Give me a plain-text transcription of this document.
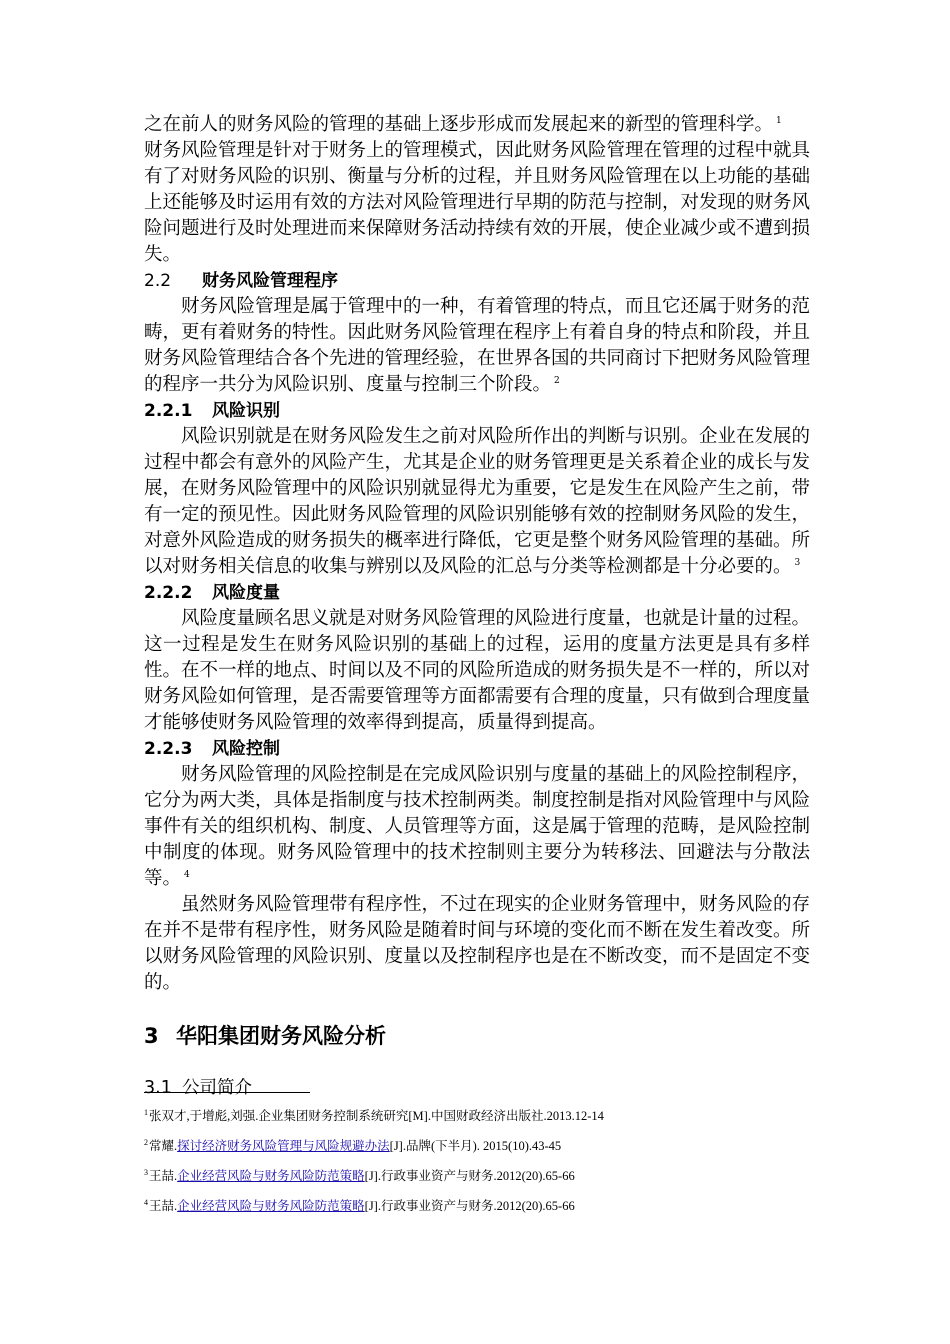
之在前人的财务风险的管理的基础上逐步形成而发展起来的新型的管理科学。 $^1$

财务风险管理是针对于财务上的管理模式，因此财务风险管理在管理的过程中就具有了对财务风险的识别、衡量与分析的过程，并且财务风险管理在以上功能的基础上还能够及时运用有效的方法对风险管理进行早期的防范与控制，对发现的财务风险问题进行及时处理进而来保障财务活动持续有效的开展，使企业减少或不遭到损失。

2.2 财务风险管理程序

财务风险管理是属于管理中的一种，有着管理的特点，而且它还属于财务的范畴，更有着财务的特性。因此财务风险管理在程序上有着自身的特点和阶段，并且财务风险管理结合各个先进的管理经验，在世界各国的共同商讨下把财务风险管理的程序一共分为风险识别、度量与控制三个阶段。 $^2$

2.2.1 风险识别

风险识别就是在财务风险发生之前对风险所作出的判断与识别。企业在发展的过程中都会有意外的风险产生，尤其是企业的财务管理更是关系着企业的成长与发展，在财务风险管理中的风险识别就显得尤为重要，它是发生在风险产生之前，带有一定的预见性。因此财务风险管理的风险识别能够有效的控制财务风险的发生，对意外风险造成的财务损失的概率进行降低，它更是整个财务风险管理的基础。所以对财务相关信息的收集与辨别以及风险的汇总与分类等检测都是十分必要的。 $^3$

2.2.2 风险度量

风险度量顾名思义就是对财务风险管理的风险进行度量，也就是计量的过程。这一过程是发生在财务风险识别的基础上的过程，运用的度量方法更是具有多样性。在不一样的地点、时间以及不同的风险所造成的财务损失是不一样的，所以对财务风险如何管理，是否需要管理等方面都需要有合理的度量，只有做到合理度量才能够使财务风险管理的效率得到提高，质量得到提高。

2.2.3 风险控制

财务风险管理的风险控制是在完成风险识别与度量的基础上的风险控制程序，它分为两大类，具体是指制度与技术控制两类。制度控制是指对风险管理中与风险事件有关的组织机构、制度、人员管理等方面，这是属于管理的范畴，是风险控制中制度的体现。财务风险管理中的技术控制则主要分为转移法、回避法与分散法等。 $^4$

虽然财务风险管理带有程序性，不过在现实的企业财务管理中，财务风险的存在并不是带有程序性，财务风险是随着时间与环境的变化而不断在发生着改变。所以财务风险管理的风险识别、度量以及控制程序也是在不断改变，而不是固定不变的。

3 华阳集团财务风险分析
3.1 公司简介
$^1$张双才,于增彪,刘强.企业集团财务控制系统研究[M].中国财政经济出版社.2013.12-14
$^2$常耀.探讨经济财务风险管理与风险规避办法[J].品牌(下半月). 2015(10).43-45
$^3$王喆.企业经营风险与财务风险防范策略[J].行政事业资产与财务.2012(20).65-66
$^4$王喆.企业经营风险与财务风险防范策略[J].行政事业资产与财务.2012(20).65-66
